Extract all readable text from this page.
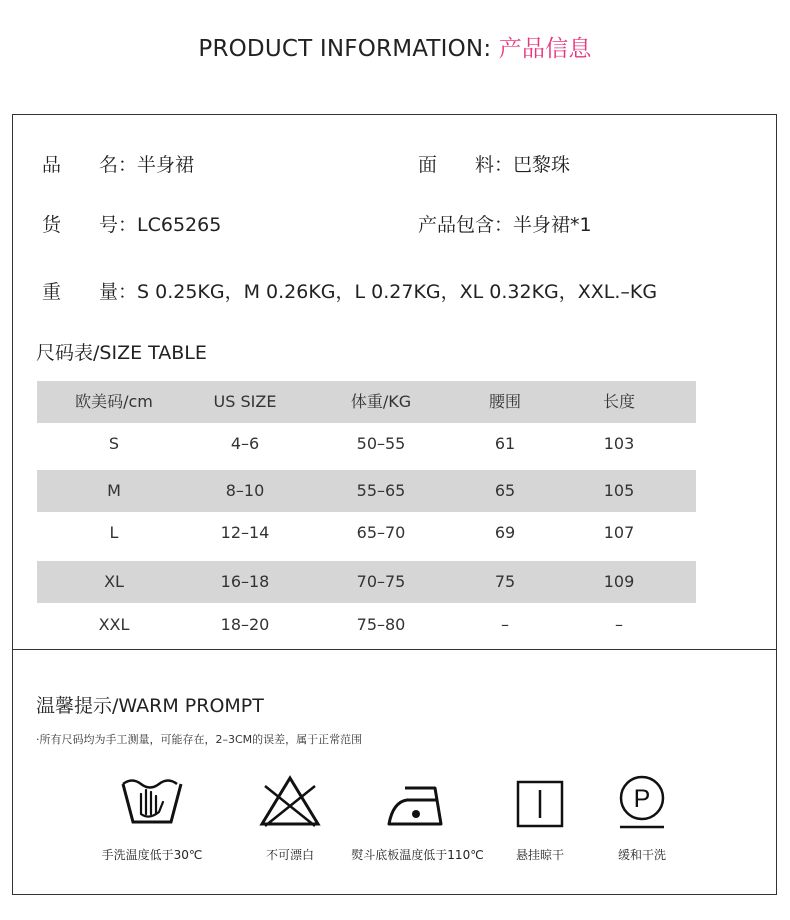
PRODUCT INFORMATION: 产品信息
品　　名：半身裙	面　　料：巴黎珠
货　　号：LC65265	产品包含：半身裙*1
重　　量：S 0.25KG，M 0.26KG，L 0.27KG，XL 0.32KG，XXL.–KG
尺码表/SIZE TABLE
欧美码/cm	US SIZE	体重/KG	腰围	长度
S	4–6	50–55	61	103
M	8–10	55–65	65	105
L	12–14	65–70	69	107
XL	16–18	70–75	75	109
XXL	18–20	75–80	–	–
温馨提示/WARM PROMPT
·所有尺码均为手工测量，可能存在，2–3CM的误差，属于正常范围
手洗温度低于30℃	不可漂白	熨斗底板温度低于110℃	悬挂晾干
P
缓和干洗
